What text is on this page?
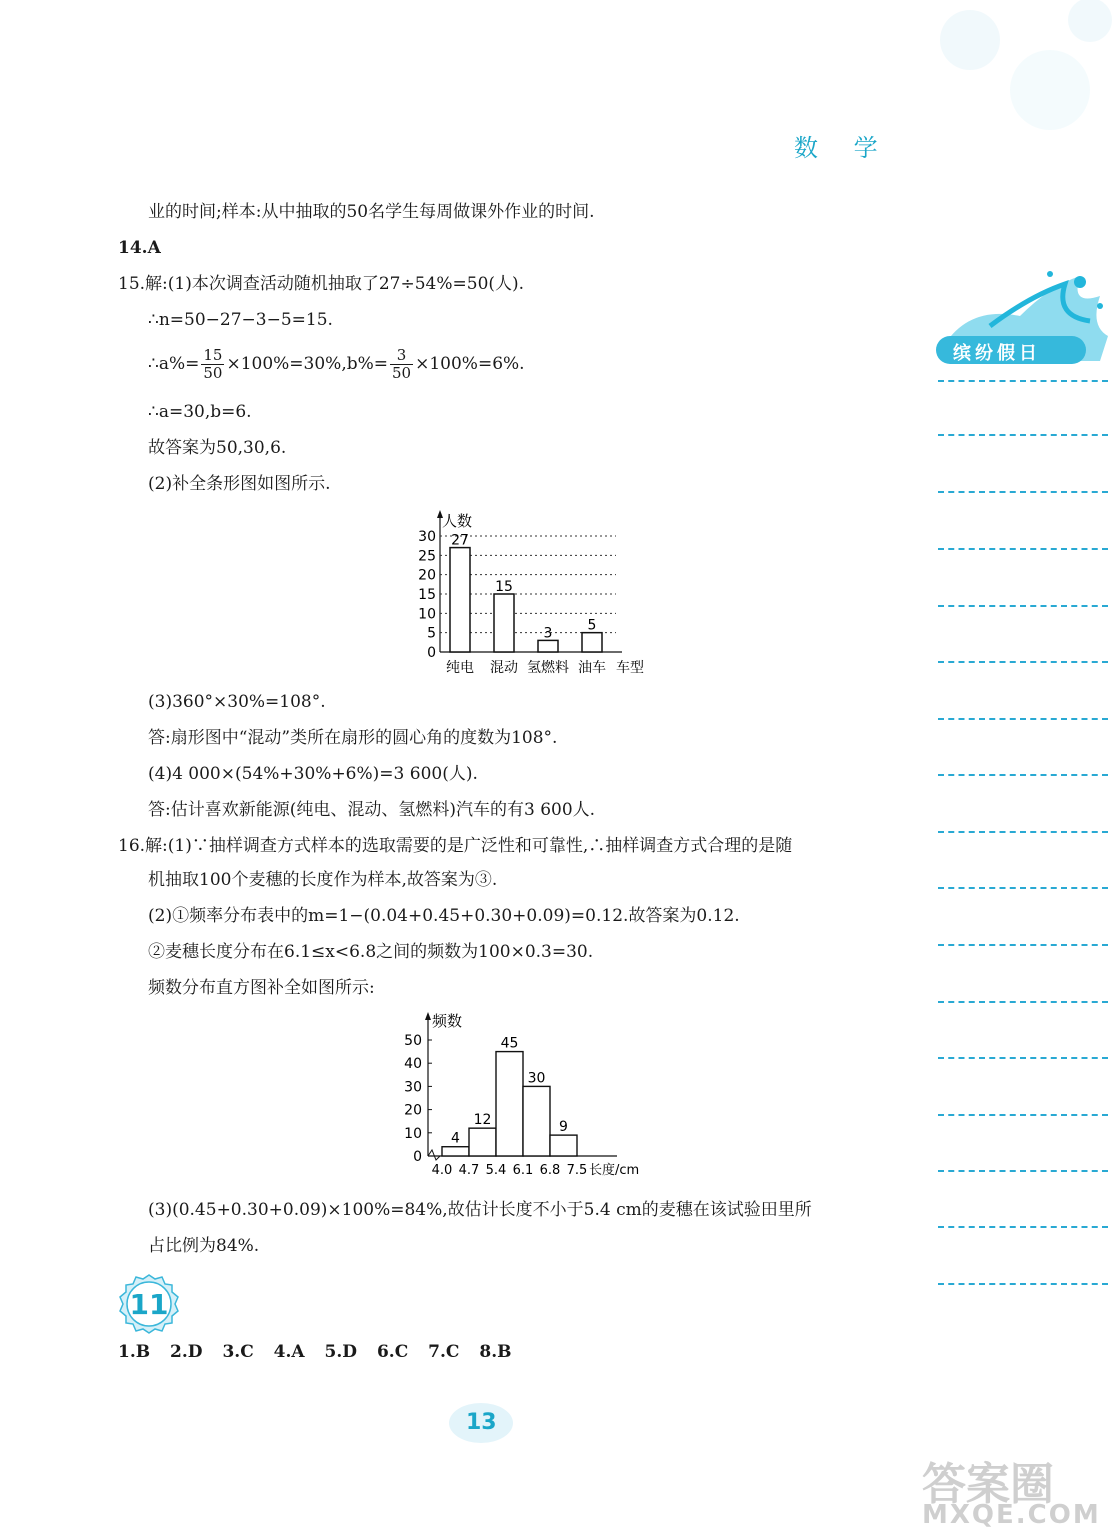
数 学
缤纷假日
业的时间;样本:从中抽取的50名学生每周做课外作业的时间.
14.A
15.解:(1)本次调查活动随机抽取了27÷54%=50(人).
∴n=50−27−3−5=15.
∴a%= $\frac{15}{50} \times 100\%=30\%,b\%= \frac{3}{50} \times 100\%=6\%$.
∴a=30,b=6.
故答案为50,30,6.
(2)补全条形图如图所示.
人数
0
5
10
15
20
25
30 27
纯电
15
混动
3
氢燃料
5
油车 车型
(3)360°×30%=108°.
答:扇形图中“混动”类所在扇形的圆心角的度数为108°.
(4)4 000×(54%+30%+6%)=3 600(人).
答:估计喜欢新能源(纯电、混动、氢燃料)汽车的有3 600人.
16.解:(1)∵抽样调查方式样本的选取需要的是广泛性和可靠性,∴抽样调查方式合理的是随
机抽取100个麦穗的长度作为样本,故答案为③.
(2)①频率分布表中的m=1−(0.04+0.45+0.30+0.09)=0.12.故答案为0.12.
②麦穗长度分布在6.1≤x<6.8之间的频数为100×0.3=30.
频数分布直方图补全如图所示:
频数
0
10
20
30
40
50
4
12
45
30
9
4.0 4.7 5.4 6.1 6.8 7.5 长度/cm
(3)(0.45+0.30+0.09)×100%=84%,故估计长度不小于5.4 cm的麦穗在该试验田里所
占比例为84%.
11
1.B 2.D 3.C 4.A 5.D 6.C 7.C 8.B
13
答案圈
MXQE.COM
